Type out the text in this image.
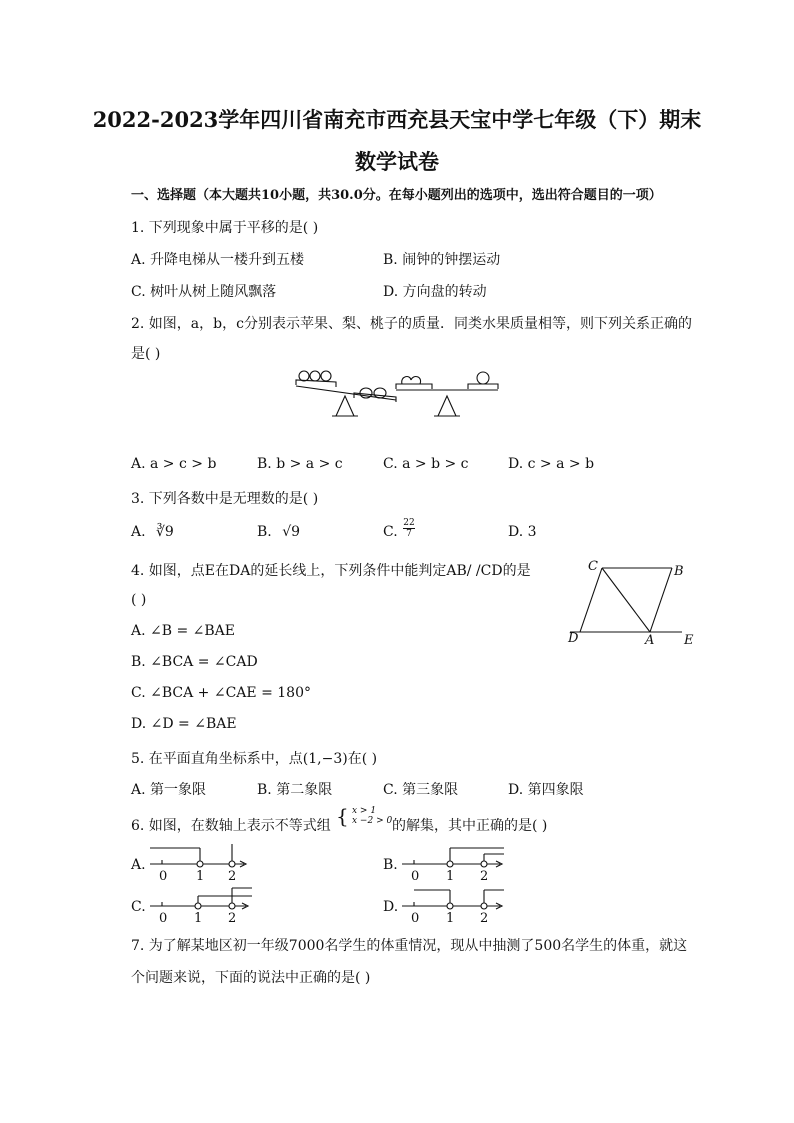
2022-2023学年四川省南充市西充县天宝中学七年级（下）期末
数学试卷
一、选择题（本大题共10小题，共30.0分。在每小题列出的选项中，选出符合题目的一项）
1. 下列现象中属于平移的是( )
A. 升降电梯从一楼升到五楼	B. 闹钟的钟摆运动
C. 树叶从树上随风飘落	D. 方向盘的转动
2. 如图，a，b，c分别表示苹果、梨、桃子的质量．同类水果质量相等，则下列关系正确的
是( )
A. a > c > b	B. b > a > c	C. a > b > c	D. c > a > b
3. 下列各数中是无理数的是( )
A. ∛9	B. √9	C. $\frac{22}{7}$	D. 3
4. 如图，点E在DA的延长线上，下列条件中能判定AB/ /CD的是
( )
A. ∠B = ∠BAE
B. ∠BCA = ∠CAD
C. ∠BCA + ∠CAE = 180°
D. ∠D = ∠BAE
C	B
D	A E
5. 在平面直角坐标系中，点(1,−3)在( )
A. 第一象限	B. 第二象限	C. 第三象限	D. 第四象限
6. 如图，在数轴上表示不等式组 { x > 1
x −2 > 0 的解集，其中正确的是( )
A.	B.
C.	D.
0 1 2	0 1 2
0 1 2	0 1 2
7. 为了解某地区初一年级7000名学生的体重情况，现从中抽测了500名学生的体重，就这
个问题来说，下面的说法中正确的是( )
